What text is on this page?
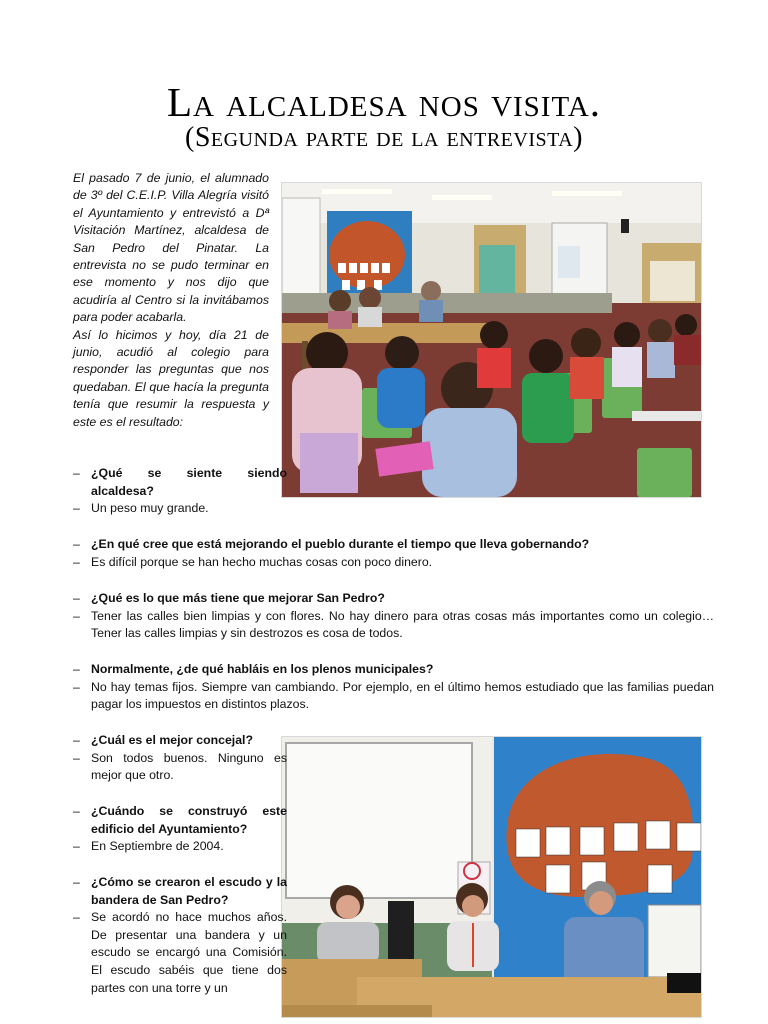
La alcaldesa nos visita.
(Segunda parte de la entrevista)

El pasado 7 de junio, el alumnado de 3º del C.E.I.P. Villa Alegría visitó el Ayuntamiento y entrevistó a Dª Visitación Martínez, alcaldesa de San Pedro del Pinatar. La entrevista no se pudo terminar en ese momento y nos dijo que acudiría al Centro si la invitábamos para poder acabarla.

Así lo hicimos y hoy, día 21 de junio, acudió al colegio para responder las preguntas que nos quedaban. El que hacía la pregunta tenía que resumir la respuesta y este es el resultado:

– ¿Qué se siente siendo alcaldesa?
– Un peso muy grande.
– ¿En qué cree que está mejorando el pueblo durante el tiempo que lleva gobernando?
– Es difícil porque se han hecho muchas cosas con poco dinero.
– ¿Qué es lo que más tiene que mejorar San Pedro?
– Tener las calles bien limpias y con flores. No hay dinero para otras cosas más importantes como un colegio… Tener las calles limpias y sin destrozos es cosa de todos.
– Normalmente, ¿de qué habláis en los plenos municipales?
– No hay temas fijos. Siempre van cambiando. Por ejemplo, en el último hemos estudiado que las familias puedan pagar los impuestos en distintos plazos.
– ¿Cuál es el mejor concejal?
– Son todos buenos. Ninguno es mejor que otro.
– ¿Cuándo se construyó este edificio del Ayuntamiento?
– En Septiembre de 2004.
– ¿Cómo se crearon el escudo y la bandera de San Pedro?
– Se acordó no hace muchos años. De presentar una bandera y un escudo se encargó una Comisión. El escudo sabéis que tiene dos partes con una torre y un
